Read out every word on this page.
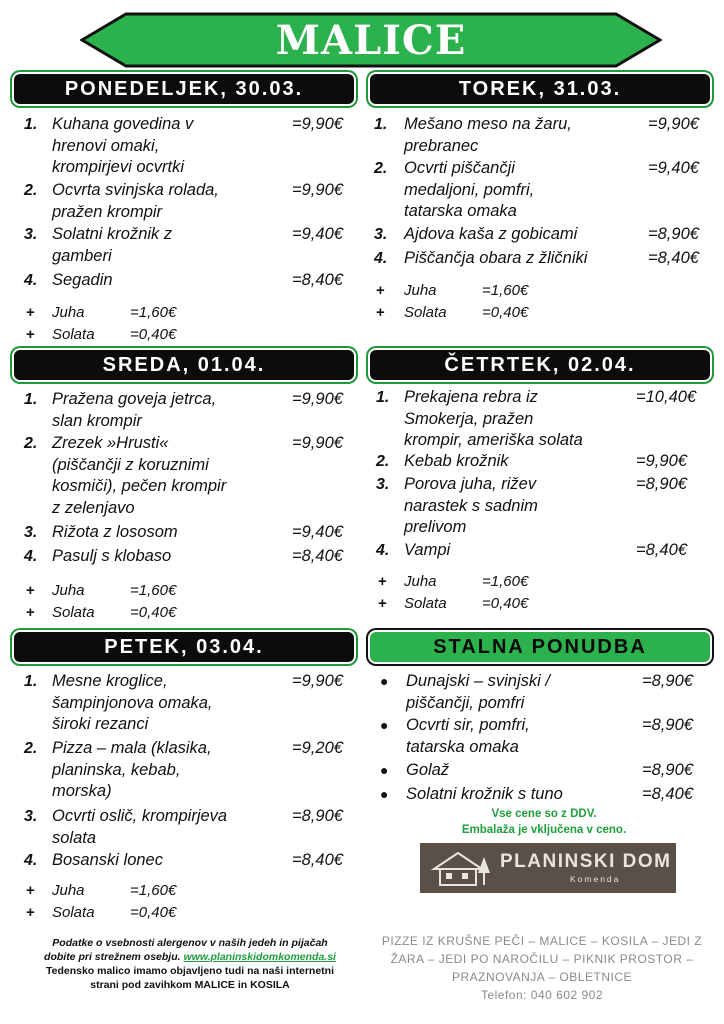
MALICE
PONEDELJEK, 30.03.
1. Kuhana govedina v
hrenovi omaki,
krompirjevi ocvrtki
=9,90€
2. Ocvrta svinjska rolada,
pražen krompir
=9,90€
3. Solatni krožnik z
gamberi
=9,40€
4. Segadin	=8,40€
+ Juha	=1,60€
+ Solata =0,40€
TOREK, 31.03.
1. Mešano meso na žaru,
prebranec
=9,90€
2. Ocvrti piščančji
medaljoni, pomfri,
tatarska omaka
=9,40€
3. Ajdova kaša z gobicami	=8,90€
4. Piščančja obara z žličniki	=8,40€
+ Juha	=1,60€
+ Solata =0,40€
SREDA, 01.04.
1. Pražena goveja jetrca,
slan krompir
=9,90€
2. Zrezek »Hrusti«
(piščančji z koruznimi
kosmiči), pečen krompir
z zelenjavo
=9,90€
3. Rižota z lososom	=9,40€
4. Pasulj s klobaso	=8,40€
+ Juha	=1,60€
+ Solata =0,40€
ČETRTEK, 02.04.
1. Prekajena rebra iz
Smokerja, pražen
krompir, ameriška solata
=10,40€
2. Kebab krožnik	=9,90€
3. Porova juha, rižev
narastek s sadnim
prelivom
=8,90€
4. Vampi	=8,40€
+ Juha	=1,60€
+ Solata =0,40€
PETEK, 03.04.
1. Mesne kroglice,
šampinjonova omaka,
široki rezanci
=9,90€
2. Pizza – mala (klasika,
planinska, kebab,
morska)
=9,20€
3. Ocvrti oslič, krompirjeva
solata
=8,90€
4. Bosanski lonec	=8,40€
+ Juha	=1,60€
+ Solata =0,40€
STALNA PONUDBA
● Dunajski – svinjski /
piščančji, pomfri
=8,90€
● Ocvrti sir, pomfri,
tatarska omaka
=8,90€
● Golaž	=8,90€
● Solatni krožnik s tuno	=8,40€
Vse cene so z DDV.
Embalaža je vključena v ceno.
PLANINSKI DOM
Komenda
Podatke o vsebnosti alergenov v naših jedeh in pijačah
dobite pri strežnem osebju. www.planinskidomkomenda.si
Tedensko malico imamo objavljeno tudi na naši internetni
strani pod zavihkom MALICE in KOSILA
PIZZE IZ KRUŠNE PEČI – MALICE – KOSILA – JEDI Z
ŽARA – JEDI PO NAROČILU – PIKNIK PROSTOR –
PRAZNOVANJA – OBLETNICE
Telefon: 040 602 902
